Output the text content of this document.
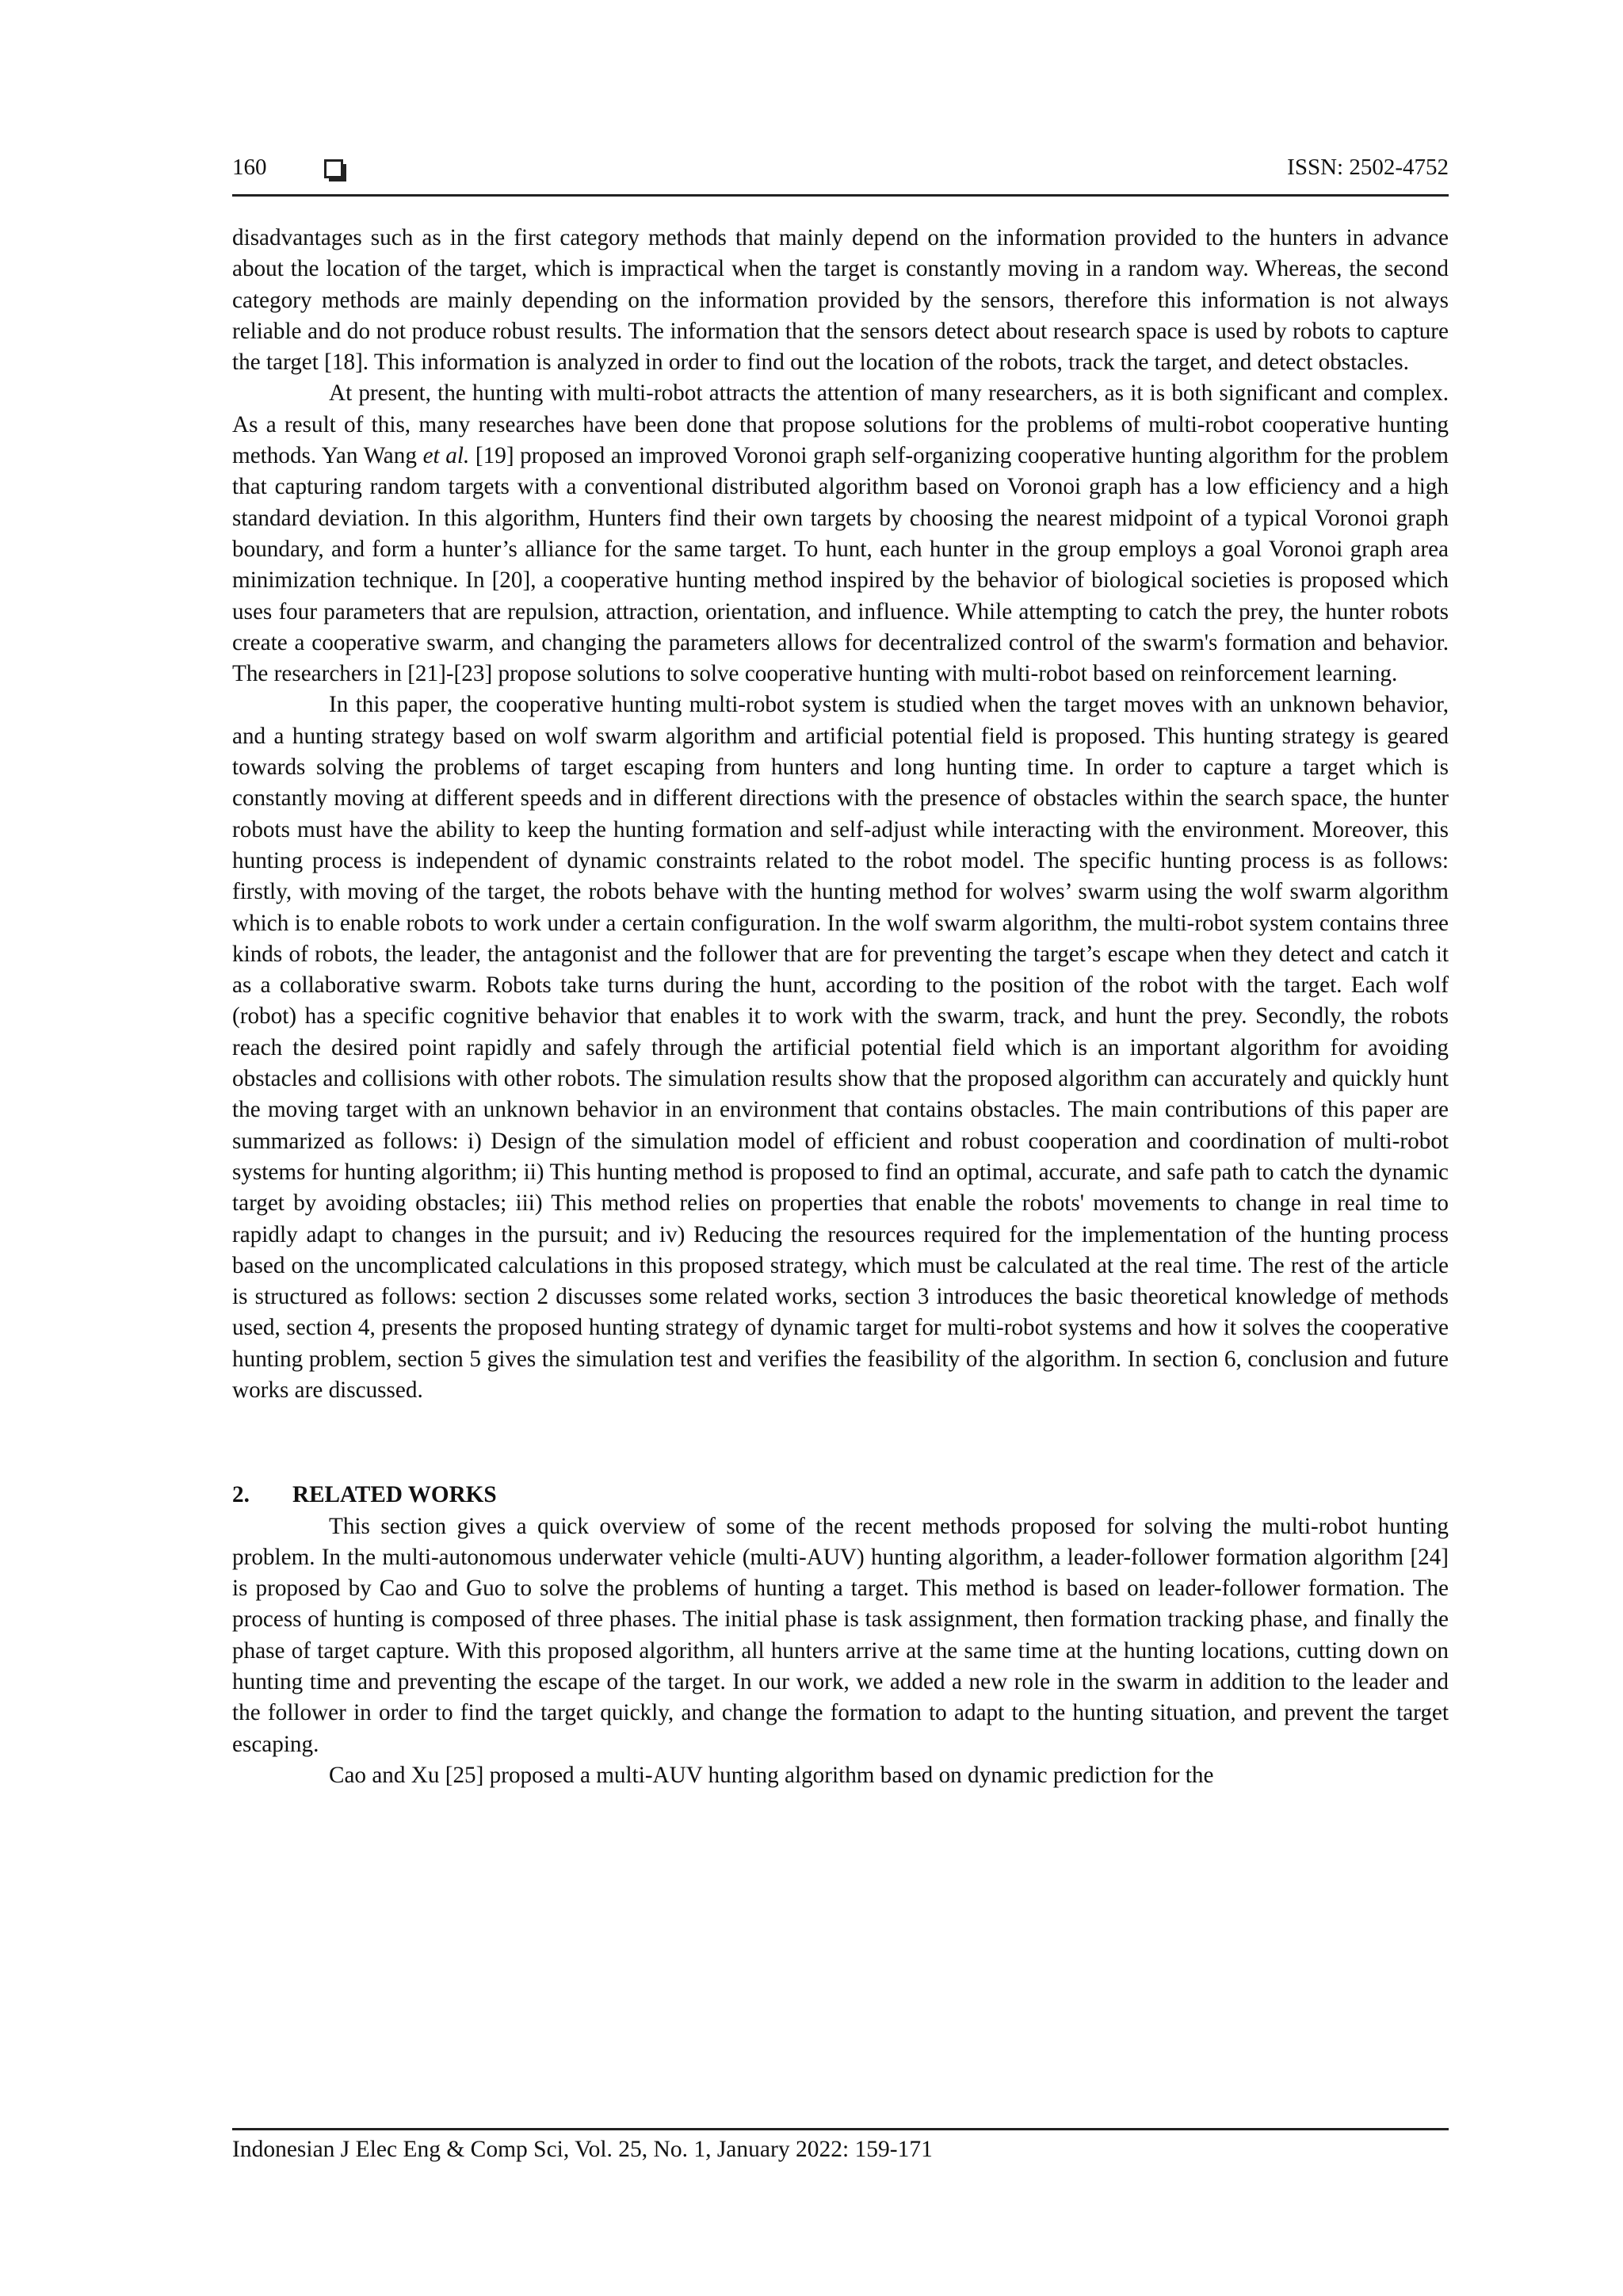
160	ISSN: 2502-4752

disadvantages such as in the first category methods that mainly depend on the information provided to the hunters in advance about the location of the target, which is impractical when the target is constantly moving in a random way. Whereas, the second category methods are mainly depending on the information provided by the sensors, therefore this information is not always reliable and do not produce robust results. The information that the sensors detect about research space is used by robots to capture the target [18]. This information is analyzed in order to find out the location of the robots, track the target, and detect obstacles.

At present, the hunting with multi-robot attracts the attention of many researchers, as it is both significant and complex. As a result of this, many researches have been done that propose solutions for the problems of multi-robot cooperative hunting methods. Yan Wang et al. [19] proposed an improved Voronoi graph self-organizing cooperative hunting algorithm for the problem that capturing random targets with a conventional distributed algorithm based on Voronoi graph has a low efficiency and a high standard deviation. In this algorithm, Hunters find their own targets by choosing the nearest midpoint of a typical Voronoi graph boundary, and form a hunter’s alliance for the same target. To hunt, each hunter in the group employs a goal Voronoi graph area minimization technique. In [20], a cooperative hunting method inspired by the behavior of biological societies is proposed which uses four parameters that are repulsion, attraction, orientation, and influence. While attempting to catch the prey, the hunter robots create a cooperative swarm, and changing the parameters allows for decentralized control of the swarm's formation and behavior. The researchers in [21]-[23] propose solutions to solve cooperative hunting with multi-robot based on reinforcement learning.

In this paper, the cooperative hunting multi-robot system is studied when the target moves with an unknown behavior, and a hunting strategy based on wolf swarm algorithm and artificial potential field is proposed. This hunting strategy is geared towards solving the problems of target escaping from hunters and long hunting time. In order to capture a target which is constantly moving at different speeds and in different directions with the presence of obstacles within the search space, the hunter robots must have the ability to keep the hunting formation and self-adjust while interacting with the environment. Moreover, this hunting process is independent of dynamic constraints related to the robot model. The specific hunting process is as follows: firstly, with moving of the target, the robots behave with the hunting method for wolves’ swarm using the wolf swarm algorithm which is to enable robots to work under a certain configuration. In the wolf swarm algorithm, the multi-robot system contains three kinds of robots, the leader, the antagonist and the follower that are for preventing the target’s escape when they detect and catch it as a collaborative swarm. Robots take turns during the hunt, according to the position of the robot with the target. Each wolf (robot) has a specific cognitive behavior that enables it to work with the swarm, track, and hunt the prey. Secondly, the robots reach the desired point rapidly and safely through the artificial potential field which is an important algorithm for avoiding obstacles and collisions with other robots. The simulation results show that the proposed algorithm can accurately and quickly hunt the moving target with an unknown behavior in an environment that contains obstacles. The main contributions of this paper are summarized as follows: i) Design of the simulation model of efficient and robust cooperation and coordination of multi-robot systems for hunting algorithm; ii) This hunting method is proposed to find an optimal, accurate, and safe path to catch the dynamic target by avoiding obstacles; iii) This method relies on properties that enable the robots' movements to change in real time to rapidly adapt to changes in the pursuit; and iv) Reducing the resources required for the implementation of the hunting process based on the uncomplicated calculations in this proposed strategy, which must be calculated at the real time. The rest of the article is structured as follows: section 2 discusses some related works, section 3 introduces the basic theoretical knowledge of methods used, section 4, presents the proposed hunting strategy of dynamic target for multi-robot systems and how it solves the cooperative hunting problem, section 5 gives the simulation test and verifies the feasibility of the algorithm. In section 6, conclusion and future works are discussed.

2. RELATED WORKS

This section gives a quick overview of some of the recent methods proposed for solving the multi-robot hunting problem. In the multi-autonomous underwater vehicle (multi-AUV) hunting algorithm, a leader-follower formation algorithm [24] is proposed by Cao and Guo to solve the problems of hunting a target. This method is based on leader-follower formation. The process of hunting is composed of three phases. The initial phase is task assignment, then formation tracking phase, and finally the phase of target capture. With this proposed algorithm, all hunters arrive at the same time at the hunting locations, cutting down on hunting time and preventing the escape of the target. In our work, we added a new role in the swarm in addition to the leader and the follower in order to find the target quickly, and change the formation to adapt to the hunting situation, and prevent the target escaping.

Cao and Xu [25] proposed a multi-AUV hunting algorithm based on dynamic prediction for the

Indonesian J Elec Eng & Comp Sci, Vol. 25, No. 1, January 2022: 159-171
